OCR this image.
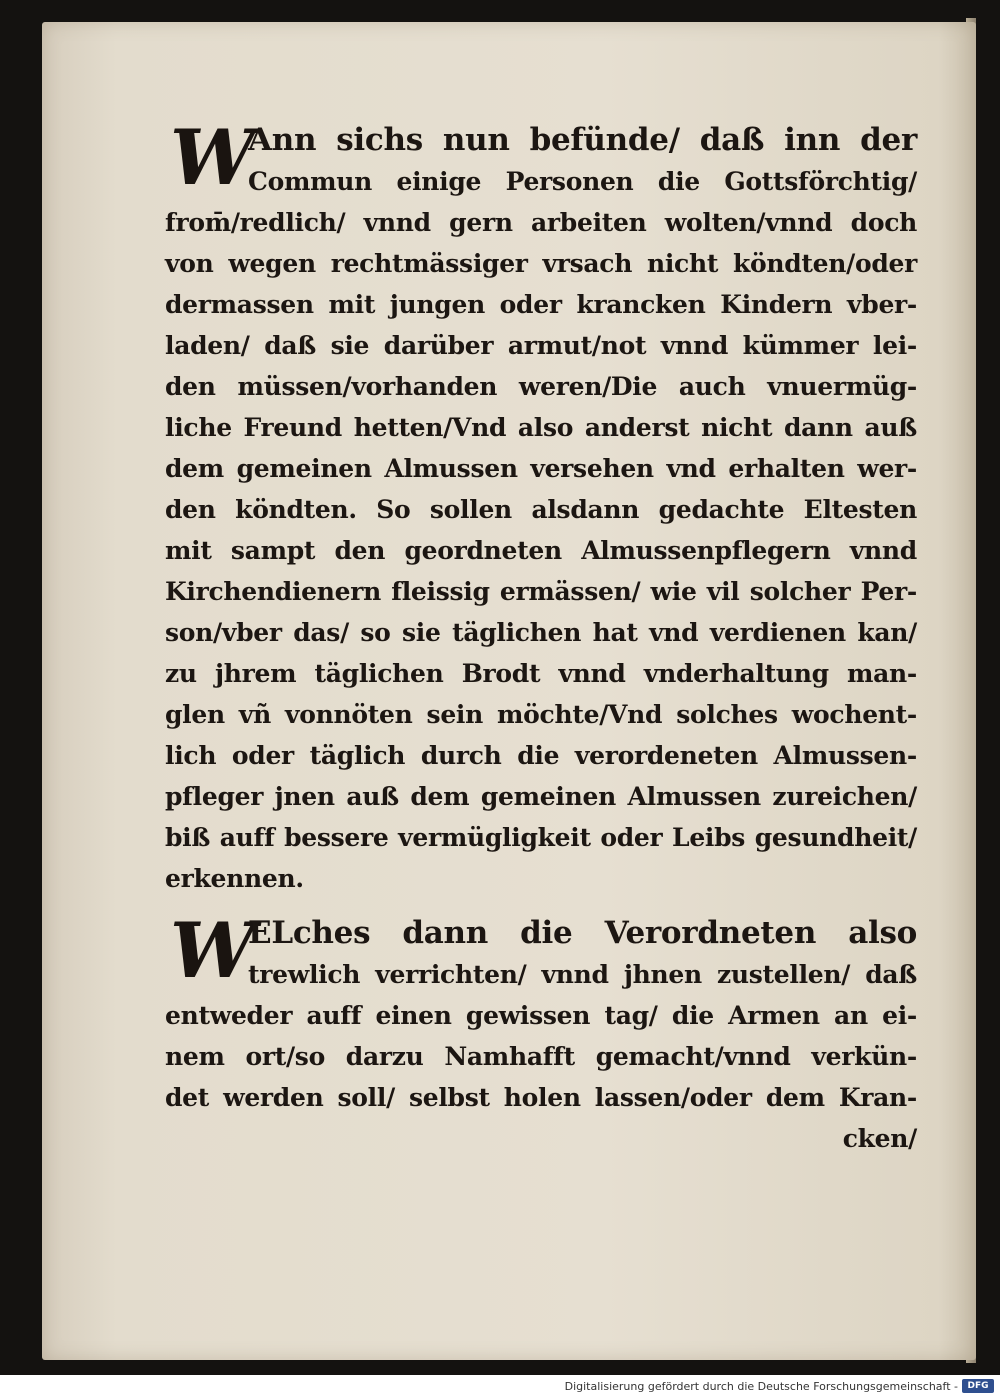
W
Ann sichs nun befünde/ daß inn der
Commun einige Personen die Gottsförchtig/
from̄/redlich/ vnnd gern arbeiten wolten/vnnd doch
von wegen rechtmässiger vrsach nicht köndten/oder
dermassen mit jungen oder krancken Kindern vber-
laden/ daß sie darüber armut/not vnnd kümmer lei-
den müssen/vorhanden weren/Die auch vnuermüg-
liche Freund hetten/Vnd also anderst nicht dann auß
dem gemeinen Almussen versehen vnd erhalten wer-
den köndten. So sollen alsdann gedachte Eltesten
mit sampt den geordneten Almussenpflegern vnnd
Kirchendienern fleissig ermässen/ wie vil solcher Per-
son/vber das/ so sie täglichen hat vnd verdienen kan/
zu jhrem täglichen Brodt vnnd vnderhaltung man-
glen vñ vonnöten sein möchte/Vnd solches wochent-
lich oder täglich durch die verordeneten Almussen-
pfleger jnen auß dem gemeinen Almussen zureichen/
biß auff bessere vermügligkeit oder Leibs gesundheit/
erkennen.
W
ELches dann die Verordneten also
trewlich verrichten/ vnnd jhnen zustellen/ daß
entweder auff einen gewissen tag/ die Armen an ei-
nem ort/so darzu Namhafft gemacht/vnnd verkün-
det werden soll/ selbst holen lassen/oder dem Kran-
cken/
Digitalisierung gefördert durch die Deutsche Forschungsgemeinschaft -	DFG
